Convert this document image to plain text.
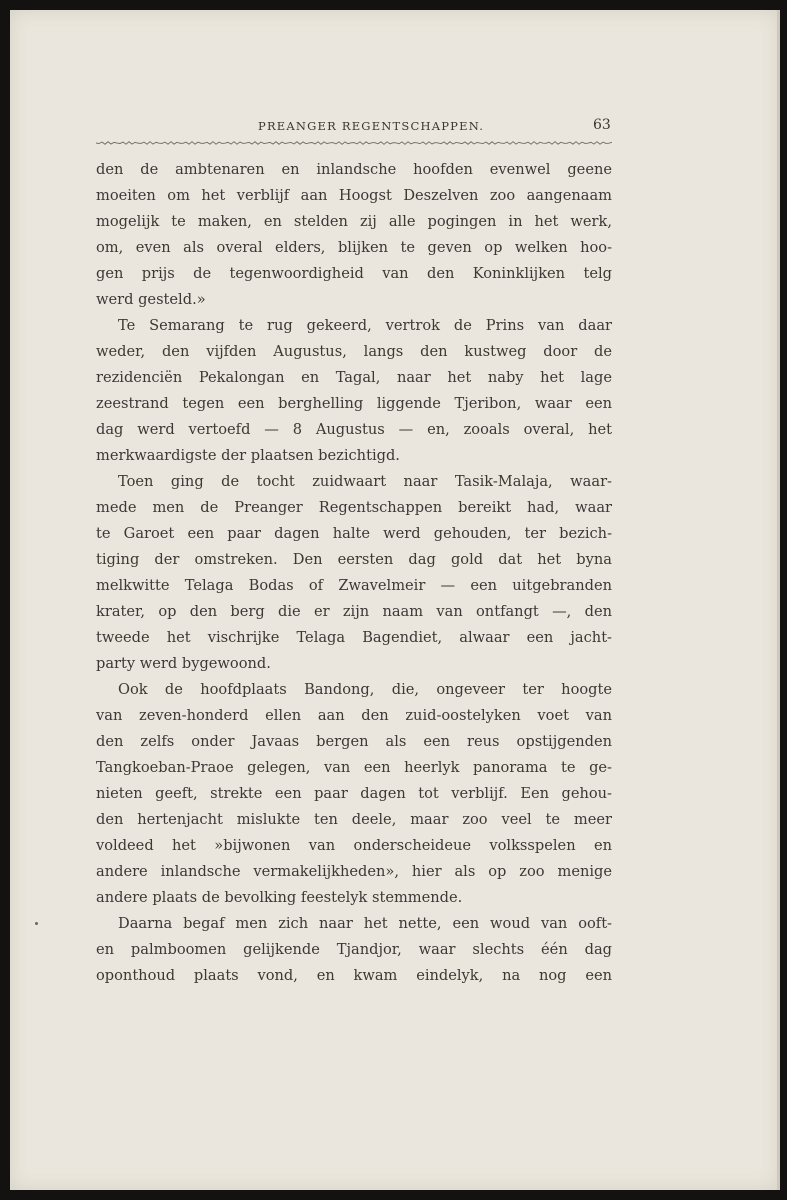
PREANGER REGENTSCHAPPEN.	63

den de ambtenaren en inlandsche hoofden evenwel geene
moeiten om het verblijf aan Hoogst Deszelven zoo aangenaam
mogelijk te maken, en stelden zij alle pogingen in het werk,
om, even als overal elders, blijken te geven op welken hoo-
gen prijs de tegenwoordigheid van den Koninklijken telg
werd gesteld.»

Te Semarang te rug gekeerd, vertrok de Prins van daar
weder, den vijfden Augustus, langs den kustweg door de
rezidenciën Pekalongan en Tagal, naar het naby het lage
zeestrand tegen een berghelling liggende Tjeribon, waar een
dag werd vertoefd — 8 Augustus — en, zooals overal, het
merkwaardigste der plaatsen bezichtigd.

Toen ging de tocht zuidwaart naar Tasik-Malaja, waar-
mede men de Preanger Regentschappen bereikt had, waar
te Garoet een paar dagen halte werd gehouden, ter bezich-
tiging der omstreken. Den eersten dag gold dat het byna
melkwitte Telaga Bodas of Zwavelmeir — een uitgebranden
krater, op den berg die er zijn naam van ontfangt —, den
tweede het vischrijke Telaga Bagendiet, alwaar een jacht-
party werd bygewoond.

Ook de hoofdplaats Bandong, die, ongeveer ter hoogte
van zeven-honderd ellen aan den zuid-oostelyken voet van
den zelfs onder Javaas bergen als een reus opstijgenden
Tangkoeban-Praoe gelegen, van een heerlyk panorama te ge-
nieten geeft, strekte een paar dagen tot verblijf. Een gehou-
den hertenjacht mislukte ten deele, maar zoo veel te meer
voldeed het »bijwonen van onderscheideue volksspelen en
andere inlandsche vermakelijkheden», hier als op zoo menige
andere plaats de bevolking feestelyk stemmende.

Daarna begaf men zich naar het nette, een woud van ooft-
en palmboomen gelijkende Tjandjor, waar slechts één dag
oponthoud plaats vond, en kwam eindelyk, na nog een
